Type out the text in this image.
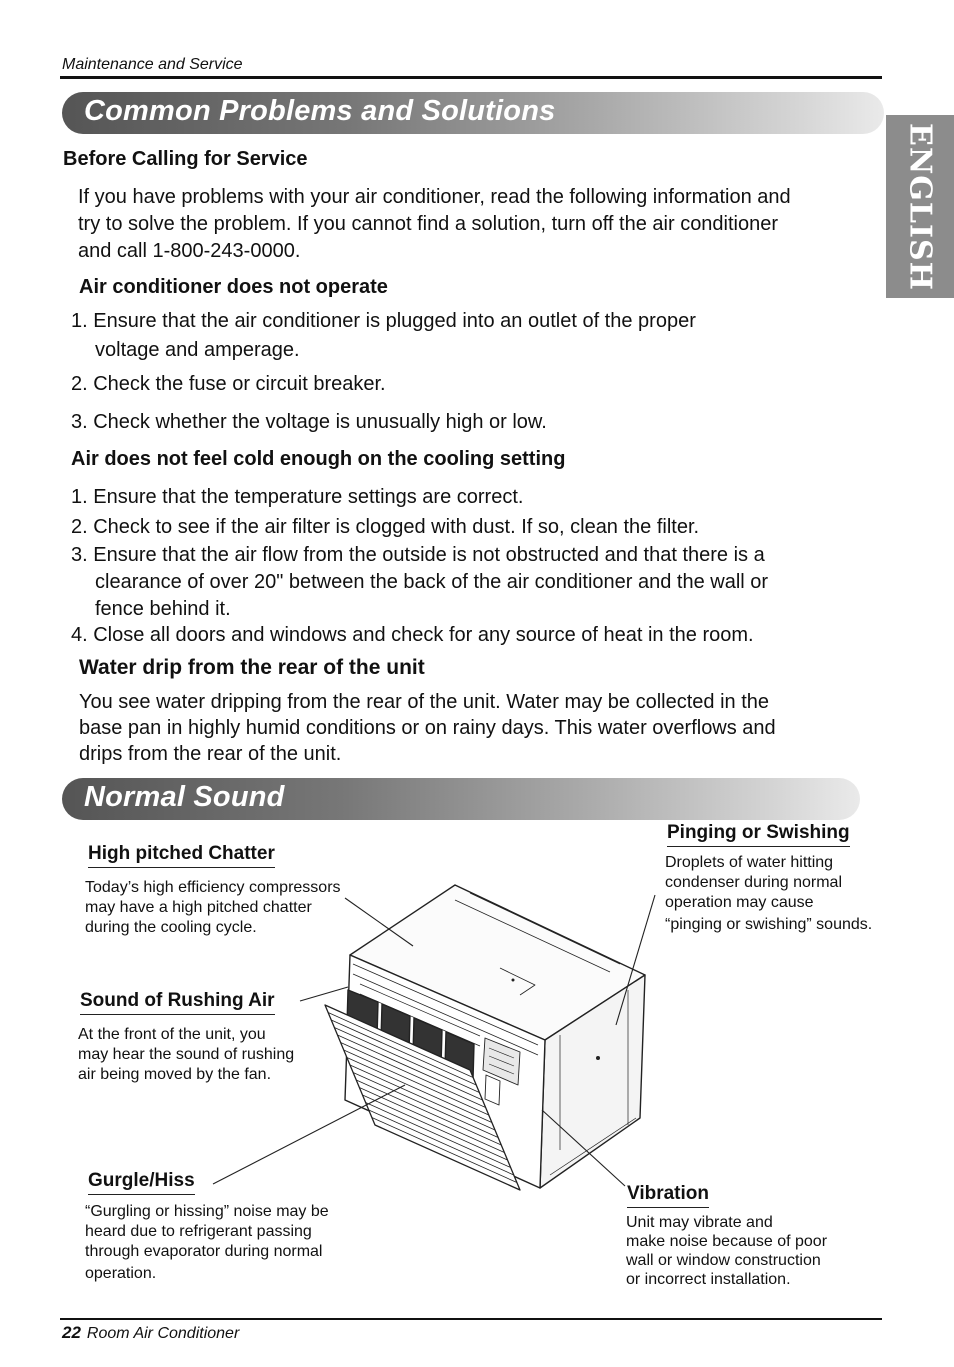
Maintenance and Service
ENGLISH
Common Problems and Solutions
Before Calling for Service
If you have problems with your air conditioner, read the following information and
try to solve the problem. If you cannot find a solution, turn off the air conditioner
and call 1-800-243-0000.
Air conditioner does not operate
1. Ensure that the air conditioner is plugged into an outlet of the proper
voltage and amperage.
2. Check the fuse or circuit breaker.
3. Check whether the voltage is unusually high or low.
Air does not feel cold enough on the cooling setting
1. Ensure that the temperature settings are correct.
2. Check to see if the air filter is clogged with dust. If so, clean the filter.
3. Ensure that the air flow from the outside is not obstructed and that there is a
clearance of over 20" between the back of the air conditioner and the wall or
fence behind it.
4. Close all doors and windows and check for any source of heat in the room.
Water drip from the rear of the unit
You see water dripping from the rear of the unit. Water may be collected in the
base pan in highly humid conditions or on rainy days. This water overflows and
drips from the rear of the unit.
Normal Sound
High pitched Chatter
Today’s high efficiency compressors
may have a high pitched chatter
during the cooling cycle.
Pinging or Swishing
Droplets of water hitting
condenser during normal
operation may cause
“pinging or swishing” sounds.
Sound of Rushing Air
At the front of the unit, you
may hear the sound of rushing
air being moved by the fan.
Gurgle/Hiss
“Gurgling or hissing” noise may be
heard due to refrigerant passing
through evaporator during normal
operation.
Vibration
Unit may vibrate and
make noise because of poor
wall or window construction
or incorrect installation.
22 Room Air Conditioner
